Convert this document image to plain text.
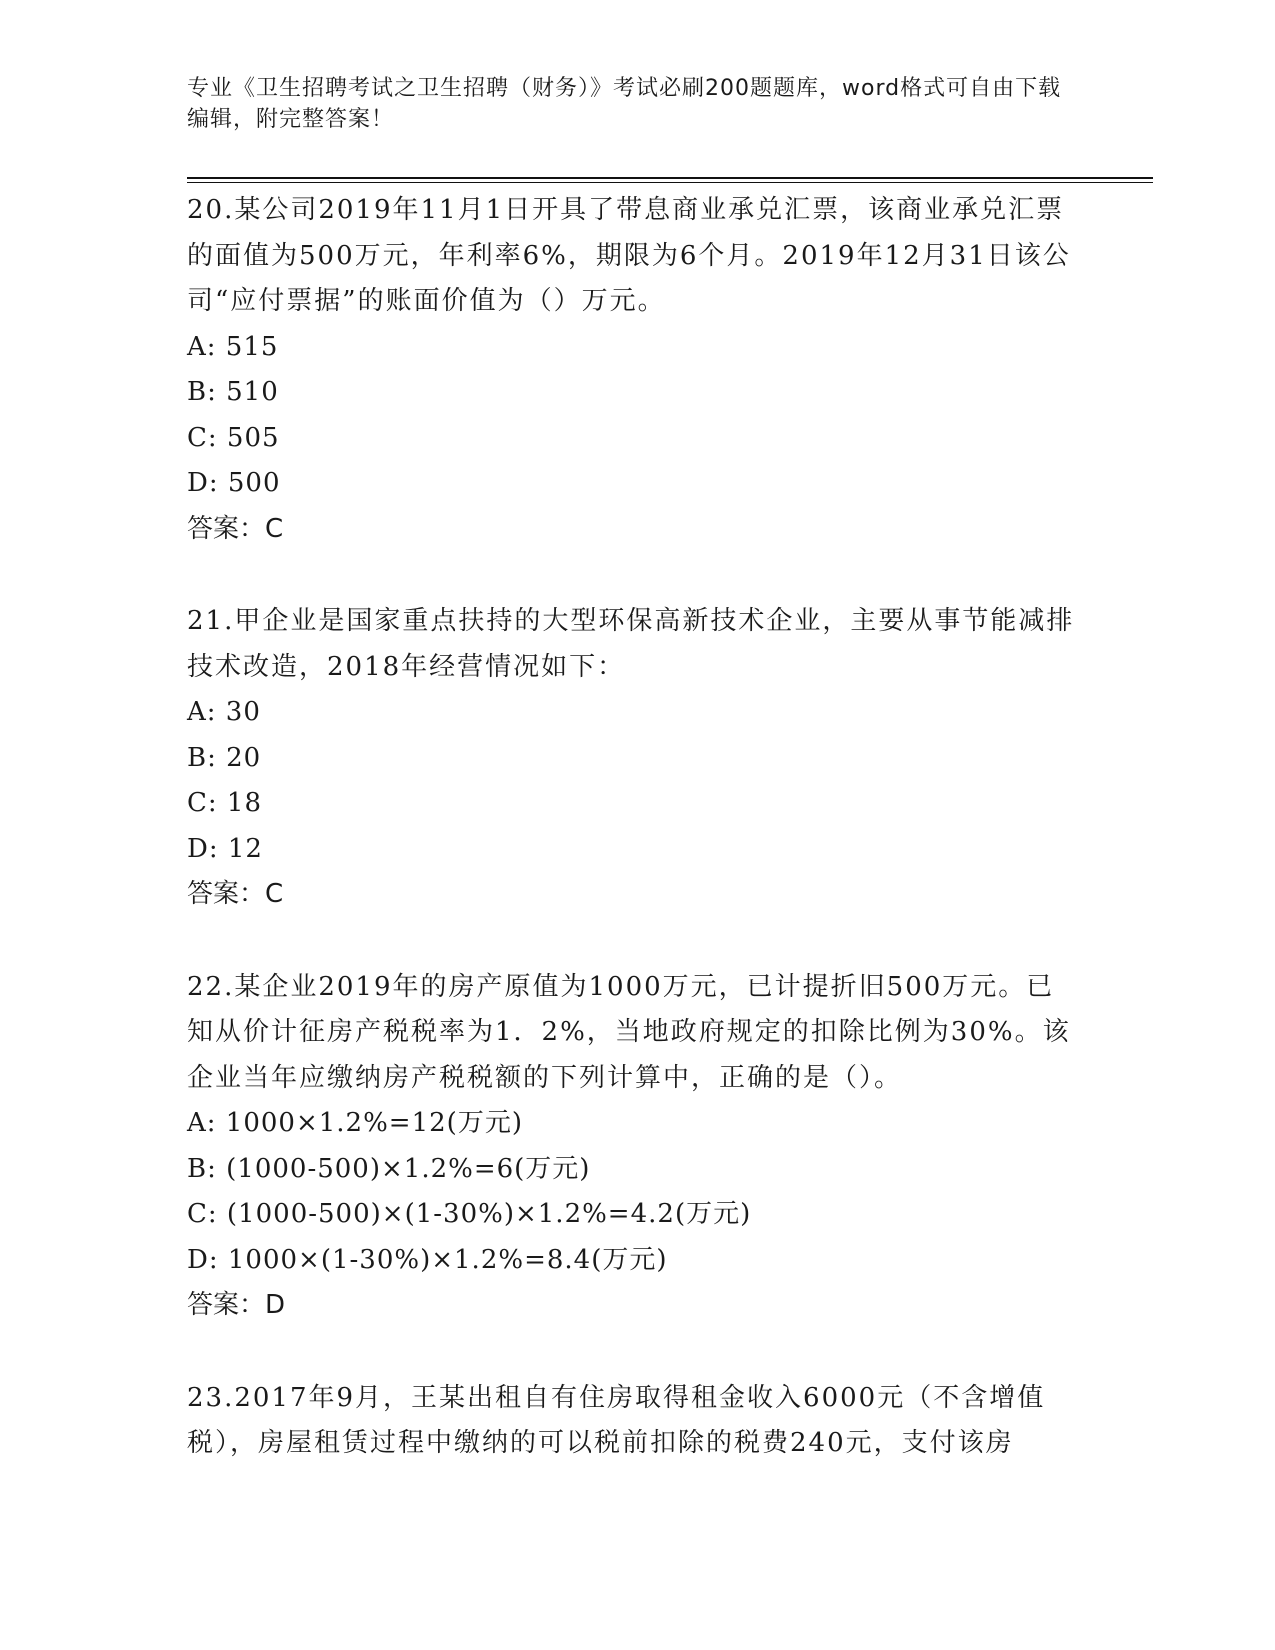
专业《卫生招聘考试之卫生招聘（财务）》考试必刷200题题库，word格式可自由下载编辑，附完整答案！

20.某公司2019年11月1日开具了带息商业承兑汇票，该商业承兑汇票的面值为500万元，年利率6%，期限为6个月。2019年12月31日该公司“应付票据”的账面价值为（）万元。

A: 515
B: 510
C: 505
D: 500

答案：C

21.甲企业是国家重点扶持的大型环保高新技术企业，主要从事节能减排技术改造，2018年经营情况如下：

A: 30
B: 20
C: 18
D: 12

答案：C

22.某企业2019年的房产原值为1000万元，已计提折旧500万元。已知从价计征房产税税率为1．2%，当地政府规定的扣除比例为30%。该企业当年应缴纳房产税税额的下列计算中，正确的是（）。

A: 1000×1.2%=12(万元)
B: (1000-500)×1.2%=6(万元)
C: (1000-500)×(1-30%)×1.2%=4.2(万元)
D: 1000×(1-30%)×1.2%=8.4(万元)

答案：D

23.2017年9月，王某出租自有住房取得租金收入6000元（不含增值税），房屋租赁过程中缴纳的可以税前扣除的税费240元，支付该房
